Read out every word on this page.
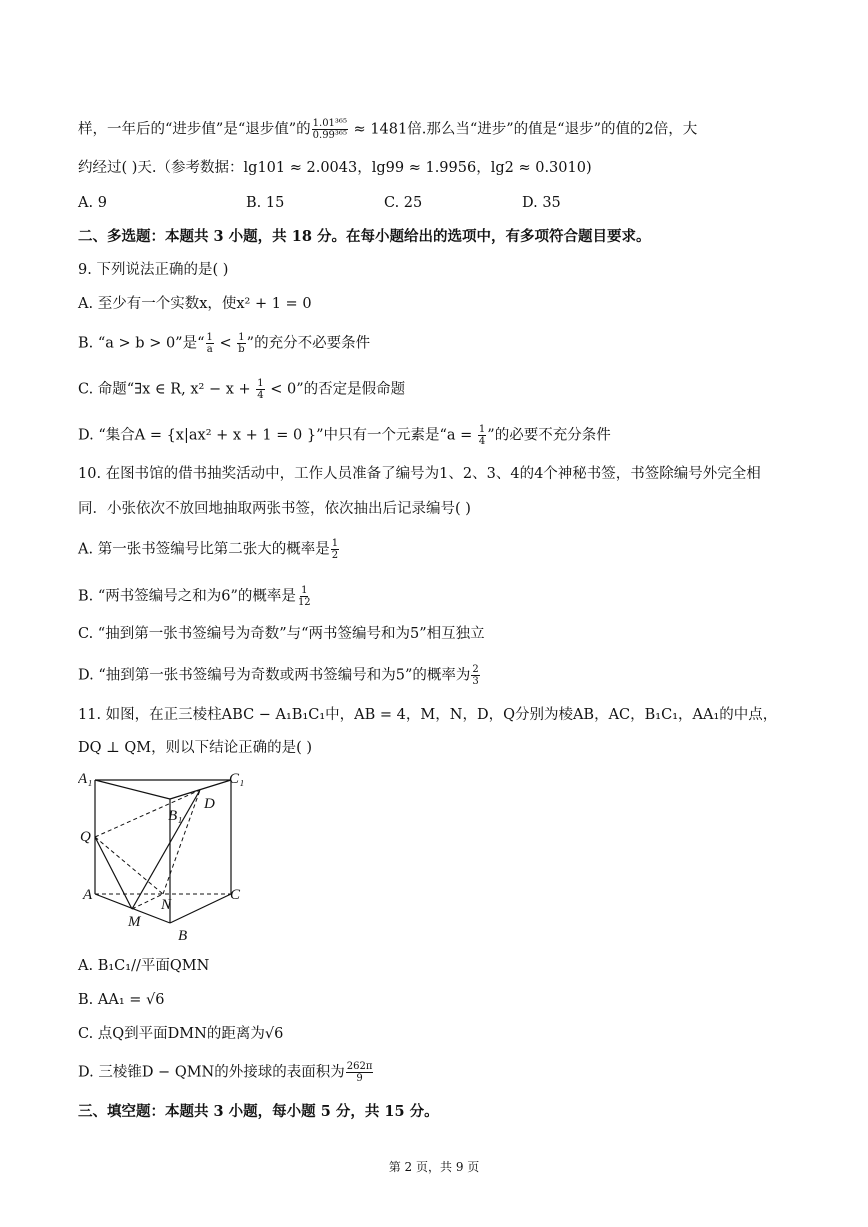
样，一年后的“进步值”是“退步值”的 $\frac{\text{1.01³⁶⁵}}{\text{0.99³⁶⁵}} \approx 1481$倍.那么当“进步”的值是“退步”的值的2倍，大
约经过( )天.（参考数据：lg101 ≈ 2.0043，lg99 ≈ 1.9956，lg2 ≈ 0.3010)
A. 9	B. 15	C. 25	D. 35
二、多选题：本题共 3 小题，共 18 分。在每小题给出的选项中，有多项符合题目要求。
9. 下列说法正确的是( )
A. 至少有一个实数x，使x² + 1 = 0
B. “a > b > 0”是“ $\frac{1}{a} < \frac{1}{b}$ ”的充分不必要条件
C. 命题“∃x ∈ R, $x^2 - x + \frac{1}{4} < 0$”的否定是假命题
D. “集合A = {x|ax² + x + 1 = 0 }”中只有一个元素是“$a = \frac{1}{4}$ ”的必要不充分条件
10. 在图书馆的借书抽奖活动中，工作人员准备了编号为1、2、3、4的4个神秘书签，书签除编号外完全相
同．小张依次不放回地抽取两张书签，依次抽出后记录编号( )
A. 第一张书签编号比第二张大的概率是 $\frac{1}{2}$
B. “两书签编号之和为6”的概率是 $\frac{1}{12}$
C. “抽到第一张书签编号为奇数”与“两书签编号和为5”相互独立
D. “抽到第一张书签编号为奇数或两书签编号和为5”的概率为 $\frac{2}{3}$
11. 如图，在正三棱柱ABC − A₁B₁C₁中，AB = 4，M，N，D，Q分别为棱AB，AC，B₁C₁，AA₁的中点，
DQ ⊥ QM，则以下结论正确的是( )
A₁	C₁
B₁
D
Q
A	C
M
N
B
A. B₁C₁//平面QMN
B. AA₁ = √6
C. 点Q到平面DMN的距离为√6
D. 三棱锥D − QMN的外接球的表面积为 $\frac{262\pi}{9}$
三、填空题：本题共 3 小题，每小题 5 分，共 15 分。
第 2 页，共 9 页
